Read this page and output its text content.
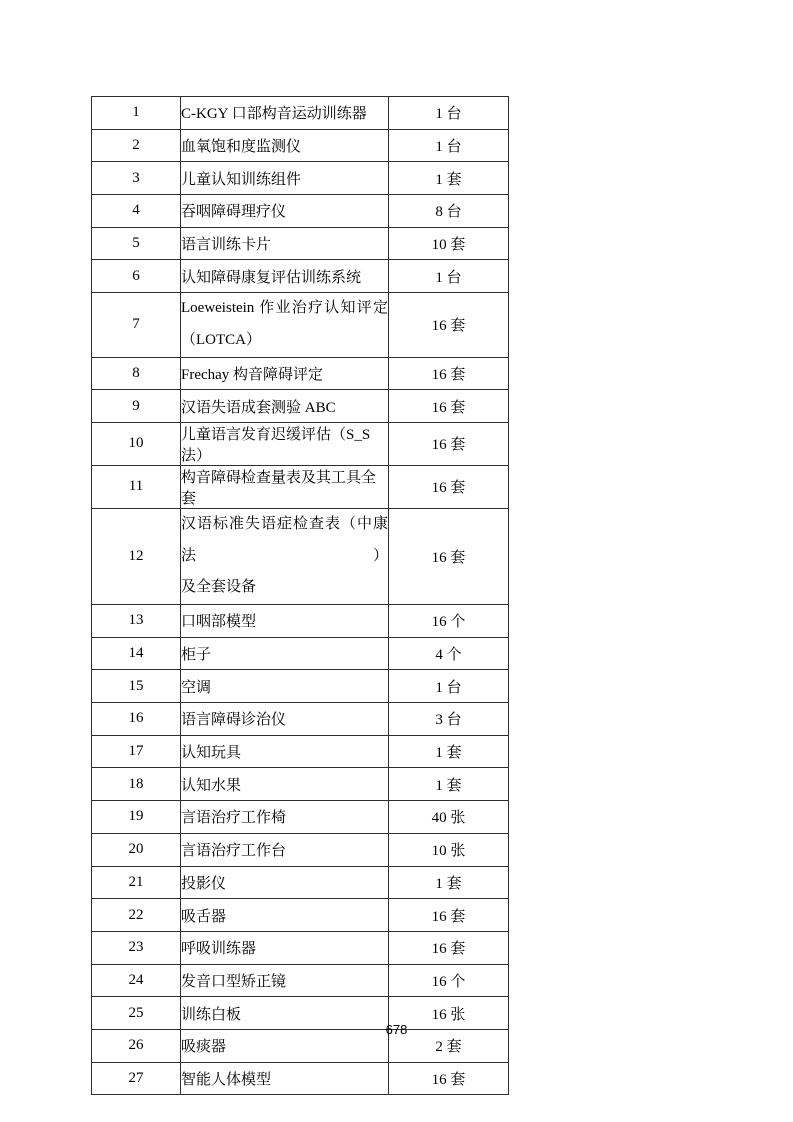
1	C-KGY 口部构音运动训练器	1 台
2	血氧饱和度监测仪	1 台
3	儿童认知训练组件	1 套
4	吞咽障碍理疗仪	8 台
5	语言训练卡片	10 套
6	认知障碍康复评估训练系统	1 台
7	Loeweistein 作业治疗认知评定
（LOTCA）	16 套
8	Frechay 构音障碍评定	16 套
9	汉语失语成套测验 ABC	16 套
10	儿童语言发育迟缓评估（S_S 法）	16 套
11	构音障碍检查量表及其工具全套	16 套
12	汉语标准失语症检查表（中康法）
及全套设备	16 套
13	口咽部模型	16 个
14	柜子	4 个
15	空调	1 台
16	语言障碍诊治仪	3 台
17	认知玩具	1 套
18	认知水果	1 套
19	言语治疗工作椅	40 张
20	言语治疗工作台	10 张
21	投影仪	1 套
22	吸舌器	16 套
23	呼吸训练器	16 套
24	发音口型矫正镜	16 个
25	训练白板	16 张
26	吸痰器	2 套
27	智能人体模型	16 套
678
